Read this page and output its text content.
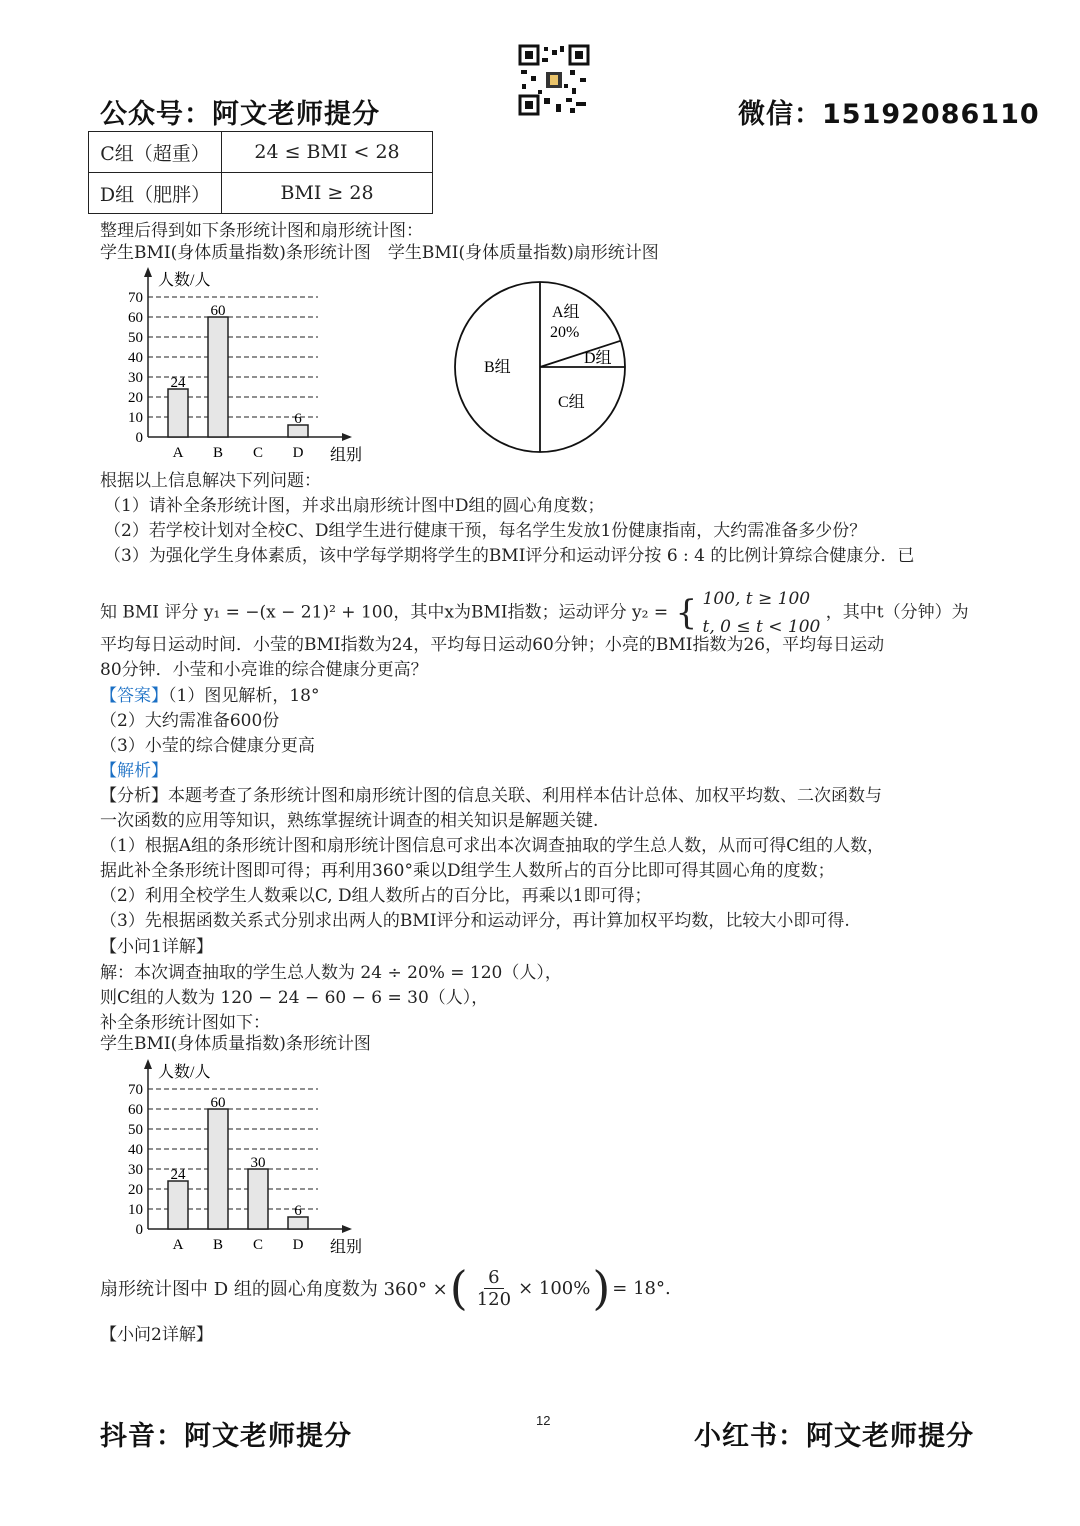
公众号：阿文老师提分	微信：15192086110
C组（超重）	24 ≤ BMI < 28
D组（肥胖）	BMI ≥ 28
整理后得到如下条形统计图和扇形统计图：
学生BMI(身体质量指数)条形统计图　学生BMI(身体质量指数)扇形统计图
0
10
20
30
40
50
60
70
人数/人
组别
A
24
B
60
C D
6
A组
20%
D组
C组
B组
根据以上信息解决下列问题：
（1）请补全条形统计图，并求出扇形统计图中D组的圆心角度数；
（2）若学校计划对全校C、D组学生进行健康干预，每名学生发放1份健康指南，大约需准备多少份？
（3）为强化学生身体素质，该中学每学期将学生的BMI评分和运动评分按 6 : 4 的比例计算综合健康分．已
知 BMI 评分 y₁ = −(x − 21)² + 100，其中x为BMI指数；运动评分 y₂ = { 100, t ≥ 100
t, 0 ≤ t < 100
，其中t（分钟）为
平均每日运动时间．小莹的BMI指数为24，平均每日运动60分钟；小亮的BMI指数为26，平均每日运动
80分钟．小莹和小亮谁的综合健康分更高？
【答案】（1）图见解析，18°
（2）大约需准备600份
（3）小莹的综合健康分更高
【解析】
【分析】本题考查了条形统计图和扇形统计图的信息关联、利用样本估计总体、加权平均数、二次函数与
一次函数的应用等知识，熟练掌握统计调查的相关知识是解题关键.
（1）根据A组的条形统计图和扇形统计图信息可求出本次调查抽取的学生总人数，从而可得C组的人数，
据此补全条形统计图即可得；再利用360°乘以D组学生人数所占的百分比即可得其圆心角的度数；
（2）利用全校学生人数乘以C, D组人数所占的百分比，再乘以1即可得；
（3）先根据函数关系式分别求出两人的BMI评分和运动评分，再计算加权平均数，比较大小即可得.
【小问1详解】
解：本次调查抽取的学生总人数为 24 ÷ 20% = 120（人），
则C组的人数为 120 − 24 − 60 − 6 = 30（人），
补全条形统计图如下：
学生BMI(身体质量指数)条形统计图
0
10
20
30
40
50
60
70
人数/人
组别
A
24
B
60
C
30
D
6
扇形统计图中 D 组的圆心角度数为 360° × ( $\frac{6}{120} \times 100\%$ ) = 18°.
【小问2详解】
抖音：阿文老师提分
12
小红书：阿文老师提分
